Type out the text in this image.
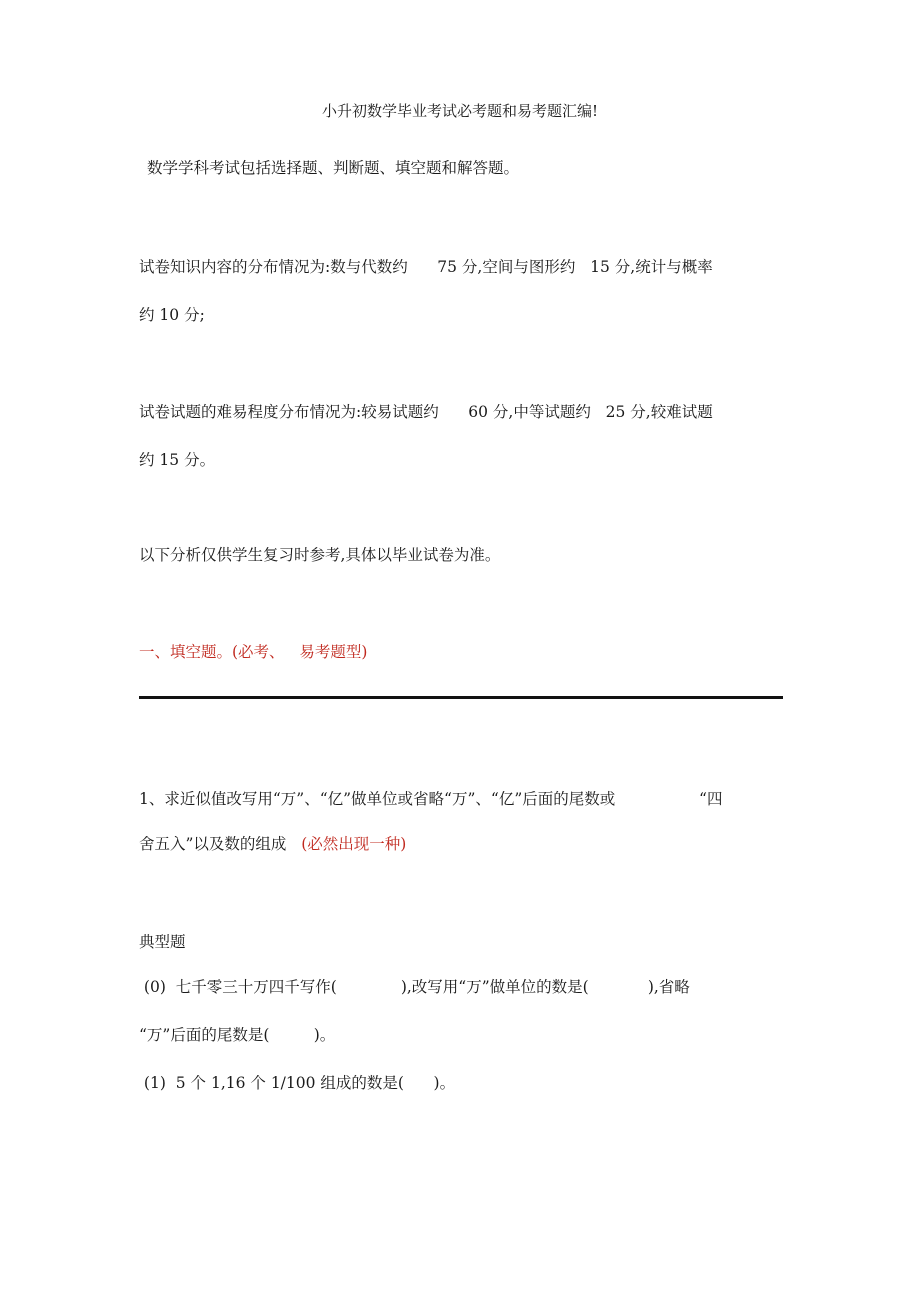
小升初数学毕业考试必考题和易考题汇编!
数学学科考试包括选择题、判断题、填空题和解答题。
试卷知识内容的分布情况为:数与代数约      75 分,空间与图形约   15 分,统计与概率
约 10 分;
试卷试题的难易程度分布情况为:较易试题约      60 分,中等试题约   25 分,较难试题
约 15 分。
以下分析仅供学生复习时参考,具体以毕业试卷为准。
一、填空题。(必考、   易考题型)
1、求近似值改写用“万”、“亿”做单位或省略“万”、“亿”后面的尾数或                 “四
舍五入”以及数的组成   (必然出现一种)
典型题
(0)  七千零三十万四千写作(             ),改写用“万”做单位的数是(            ),省略
“万”后面的尾数是(         )。
(1)  5 个 1,16 个 1/100 组成的数是(      )。
